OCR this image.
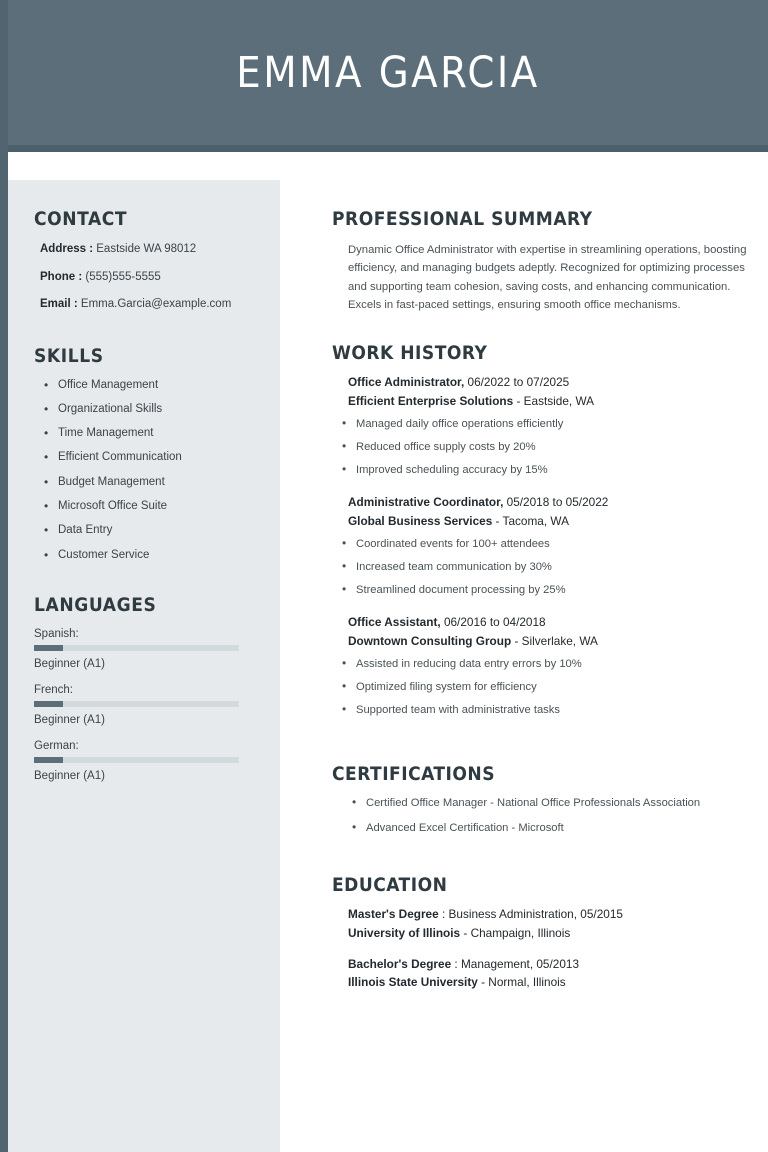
EMMA GARCIA
CONTACT

Address : Eastside WA 98012

Phone : (555)555-5555

Email : Emma.Garcia@example.com

SKILLS
• Office Management
• Organizational Skills
• Time Management
• Efficient Communication
• Budget Management
• Microsoft Office Suite
• Data Entry
• Customer Service
LANGUAGES

Spanish:

Beginner (A1)

French:

Beginner (A1)

German:

Beginner (A1)

PROFESSIONAL SUMMARY

Dynamic Office Administrator with expertise in streamlining operations, boosting efficiency, and managing budgets adeptly. Recognized for optimizing processes and supporting team cohesion, saving costs, and enhancing communication. Excels in fast-paced settings, ensuring smooth office mechanisms.

WORK HISTORY

Office Administrator, 06/2022 to 07/2025

Efficient Enterprise Solutions - Eastside, WA

• Managed daily office operations efficiently
• Reduced office supply costs by 20%
• Improved scheduling accuracy by 15%

Administrative Coordinator, 05/2018 to 05/2022

Global Business Services - Tacoma, WA

• Coordinated events for 100+ attendees
• Increased team communication by 30%
• Streamlined document processing by 25%

Office Assistant, 06/2016 to 04/2018

Downtown Consulting Group - Silverlake, WA

• Assisted in reducing data entry errors by 10%
• Optimized filing system for efficiency
• Supported team with administrative tasks
CERTIFICATIONS
• Certified Office Manager - National Office Professionals Association
• Advanced Excel Certification - Microsoft
EDUCATION

Master's Degree : Business Administration, 05/2015

University of Illinois - Champaign, Illinois

Bachelor's Degree : Management, 05/2013

Illinois State University - Normal, Illinois
